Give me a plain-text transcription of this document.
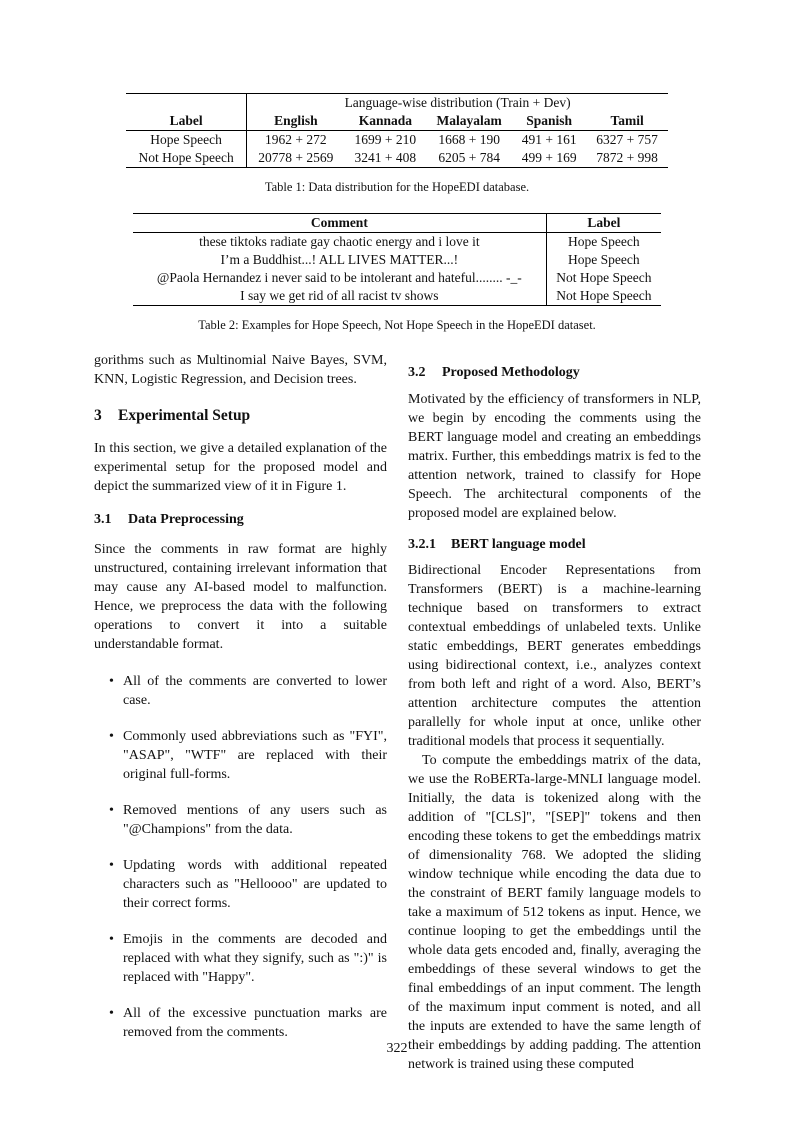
	Language-wise distribution (Train + Dev)				
Label	English	Kannada	Malayalam	Spanish	Tamil
Hope Speech	1962 + 272	1699 + 210	1668 + 190	491 + 161	6327 + 757
Not Hope Speech	20778 + 2569	3241 + 408	6205 + 784	499 + 169	7872 + 998
Table 1: Data distribution for the HopeEDI database.
Comment	Label
these tiktoks radiate gay chaotic energy and i love it	Hope Speech
I’m a Buddhist...! ALL LIVES MATTER...!	Hope Speech
@Paola Hernandez i never said to be intolerant and hateful........ -_-	Not Hope Speech
I say we get rid of all racist tv shows	Not Hope Speech
Table 2: Examples for Hope Speech, Not Hope Speech in the HopeEDI dataset.

gorithms such as Multinomial Naive Bayes, SVM, KNN, Logistic Regression, and Decision trees.

3 Experimental Setup

In this section, we give a detailed explanation of the experimental setup for the proposed model and depict the summarized view of it in Figure 1.

3.1 Data Preprocessing

Since the comments in raw format are highly unstructured, containing irrelevant information that may cause any AI-based model to malfunction. Hence, we preprocess the data with the following operations to convert it into a suitable understandable format.

• All of the comments are converted to lower case.
• Commonly used abbreviations such as "FYI", "ASAP", "WTF" are replaced with their original full-forms.
• Removed mentions of any users such as "@Champions" from the data.
• Updating words with additional repeated characters such as "Helloooo" are updated to their correct forms.
• Emojis in the comments are decoded and replaced with what they signify, such as ":)" is replaced with "Happy".
• All of the excessive punctuation marks are removed from the comments.
3.2 Proposed Methodology

Motivated by the efficiency of transformers in NLP, we begin by encoding the comments using the BERT language model and creating an embeddings matrix. Further, this embeddings matrix is fed to the attention network, trained to classify for Hope Speech. The architectural components of the proposed model are explained below.

3.2.1 BERT language model

Bidirectional Encoder Representations from Transformers (BERT) is a machine-learning technique based on transformers to extract contextual embeddings of unlabeled texts. Unlike static embeddings, BERT generates embeddings using bidirectional context, i.e., analyzes context from both left and right of a word. Also, BERT’s attention architecture computes the attention parallelly for whole input at once, unlike other traditional models that process it sequentially.

To compute the embeddings matrix of the data, we use the RoBERTa-large-MNLI language model. Initially, the data is tokenized along with the addition of "[CLS]", "[SEP]" tokens and then encoding these tokens to get the embeddings matrix of dimensionality 768. We adopted the sliding window technique while encoding the data due to the constraint of BERT family language models to take a maximum of 512 tokens as input. Hence, we continue looping to get the embeddings until the whole data gets encoded and, finally, averaging the embeddings of these several windows to get the final embeddings of an input comment. The length of the maximum input comment is noted, and all the inputs are extended to have the same length of their embeddings by adding padding. The attention network is trained using these computed

322
